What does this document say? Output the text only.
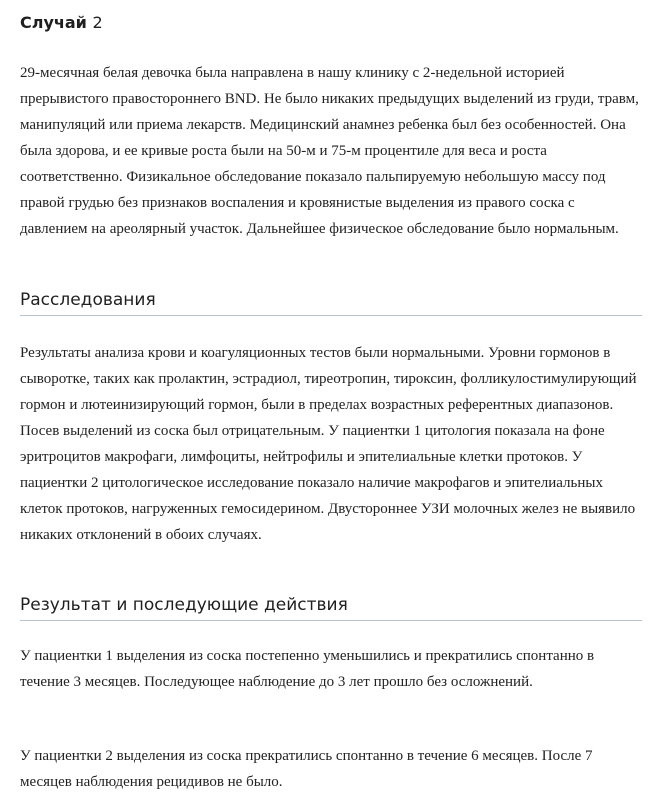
Случай 2

29-месячная белая девочка была направлена в нашу клинику с 2-недельной историей прерывистого правостороннего BND. Не было никаких предыдущих выделений из груди, травм, манипуляций или приема лекарств. Медицинский анамнез ребенка был без особенностей. Она была здорова, и ее кривые роста были на 50-м и 75-м процентиле для веса и роста соответственно. Физикальное обследование показало пальпируемую небольшую массу под правой грудью без признаков воспаления и кровянистые выделения из правого соска с давлением на ареолярный участок. Дальнейшее физическое обследование было нормальным.

Расследования

Результаты анализа крови и коагуляционных тестов были нормальными. Уровни гормонов в сыворотке, таких как пролактин, эстрадиол, тиреотропин, тироксин, фолликулостимулирующий гормон и лютеинизирующий гормон, были в пределах возрастных референтных диапазонов. Посев выделений из соска был отрицательным. У пациентки 1 цитология показала на фоне эритроцитов макрофаги, лимфоциты, нейтрофилы и эпителиальные клетки протоков. У пациентки 2 цитологическое исследование показало наличие макрофагов и эпителиальных клеток протоков, нагруженных гемосидерином. Двустороннее УЗИ молочных желез не выявило никаких отклонений в обоих случаях.

Результат и последующие действия

У пациентки 1 выделения из соска постепенно уменьшились и прекратились спонтанно в течение 3 месяцев. Последующее наблюдение до 3 лет прошло без осложнений.

У пациентки 2 выделения из соска прекратились спонтанно в течение 6 месяцев. После 7 месяцев наблюдения рецидивов не было.
